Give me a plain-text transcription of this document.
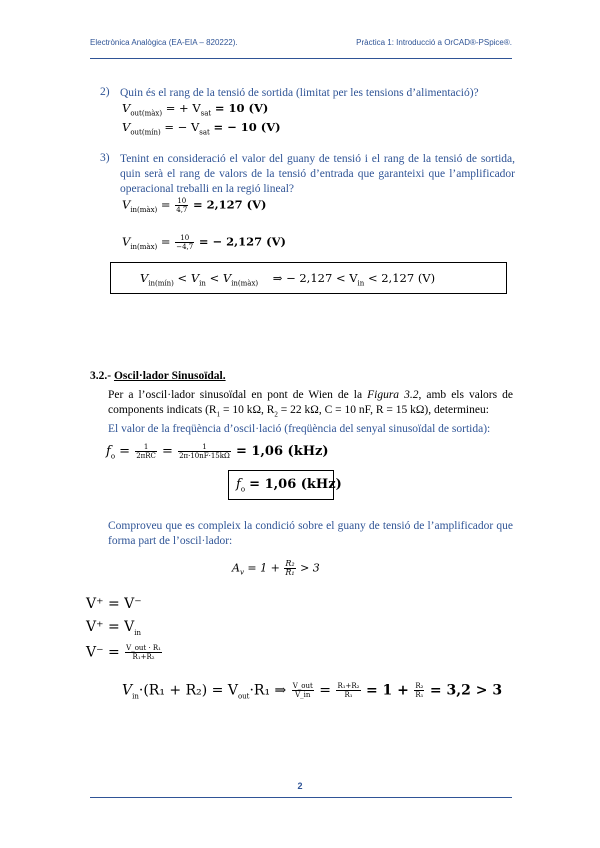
Electrònica Analògica (EA-EIA – 820222).	Pràctica 1: Introducció a OrCAD®-PSpice®.
2) Quin és el rang de la tensió de sortida (limitat per les tensions d’alimentació)?
$V_{out(màx)}$ = + $V_{sat} = 10$ (V)
$V_{out(mín)}$ = − $V_{sat}$ = − 10 (V)
3) Tenint en consideració el valor del guany de tensió i el rang de la tensió de sortida, quin serà el rang de valors de la tensió d’entrada que garanteixi que l’amplificador operacional treballi en la regió lineal?
$V_{in(màx)} = \frac{10}{4,7} = 2,127$ (V)
$V_{in(màx)} = \frac{10}{-4,7}$ = − 2,127 (V)
$V_{in(mín)} < V_{in} < V_{in(màx)}$ ⇒ − $2,127 < V_{in} < 2,127$ (V)
3.2.- Oscil·lador Sinusoïdal.
Per a l’oscil·lador sinusoïdal en pont de Wien de la Figura 3.2, amb els valors de components indicats ($R_1 = 10$ kΩ, $R_2 = 22$ kΩ, C = 10 nF, R = 15 kΩ), determineu:
El valor de la freqüència d’oscil·lació (freqüència del senyal sinusoïdal de sortida):
$f_o = \frac{1}{\text{2πRC}} = \frac{1}{2\pi\cdot 10nF\cdot 15k\Omega} = 1,06$ (kHz)
$f_o = 1,06$ (kHz)
Comproveu que es compleix la condició sobre el guany de tensió de l’amplificador que forma part de l’oscil·lador:
$A_v = 1 + \frac{\text{R₂}}{\text{R₁}} > 3$
V⁺ = V⁻
$V^+ = V_{in}$
$V^- = \frac{\text{V\_out · R₁}}{\text{R₁+R₂}}$
$V_{in}\cdot(R_1 + R_2) = V_{out}\cdot R_1$ ⇒ $\frac{\text{V\_out}}{V\_in} = \frac{\text{R₁+R₂}}{\text{R₁}} = 1 + \frac{\text{R₂}}{\text{R₁}} = 3,2 > 3$
2
